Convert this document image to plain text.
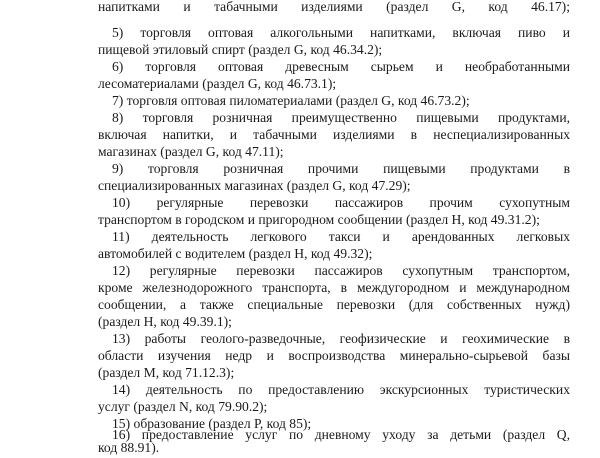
напитками и табачными изделиями (раздел G, код 46.17);
5) торговля оптовая алкогольными напитками, включая пиво и
пищевой этиловый спирт (раздел G, код 46.34.2);
6) торговля оптовая древесным сырьем и необработанными
лесоматериалами (раздел G, код 46.73.1);
7) торговля оптовая пиломатериалами (раздел G, код 46.73.2);
8) торговля розничная преимущественно пищевыми продуктами,
включая напитки, и табачными изделиями в неспециализированных
магазинах (раздел G, код 47.11);
9) торговля розничная прочими пищевыми продуктами в
специализированных магазинах (раздел G, код 47.29);
10) регулярные перевозки пассажиров прочим сухопутным
транспортом в городском и пригородном сообщении (раздел Н, код 49.31.2);
11) деятельность легкового такси и арендованных легковых
автомобилей с водителем (раздел Н, код 49.32);
12) регулярные перевозки пассажиров сухопутным транспортом,
кроме железнодорожного транспорта, в междугородном и международном
сообщении, а также специальные перевозки (для собственных нужд)
(раздел Н, код 49.39.1);
13) работы геолого-разведочные, геофизические и геохимические в
области изучения недр и воспроизводства минерально-сырьевой базы
(раздел М, код 71.12.3);
14) деятельность по предоставлению экскурсионных туристических
услуг (раздел N, код 79.90.2);
15) образование (раздел Р, код 85);
16) предоставление услуг по дневному уходу за детьми (раздел Q,
код 88.91).
